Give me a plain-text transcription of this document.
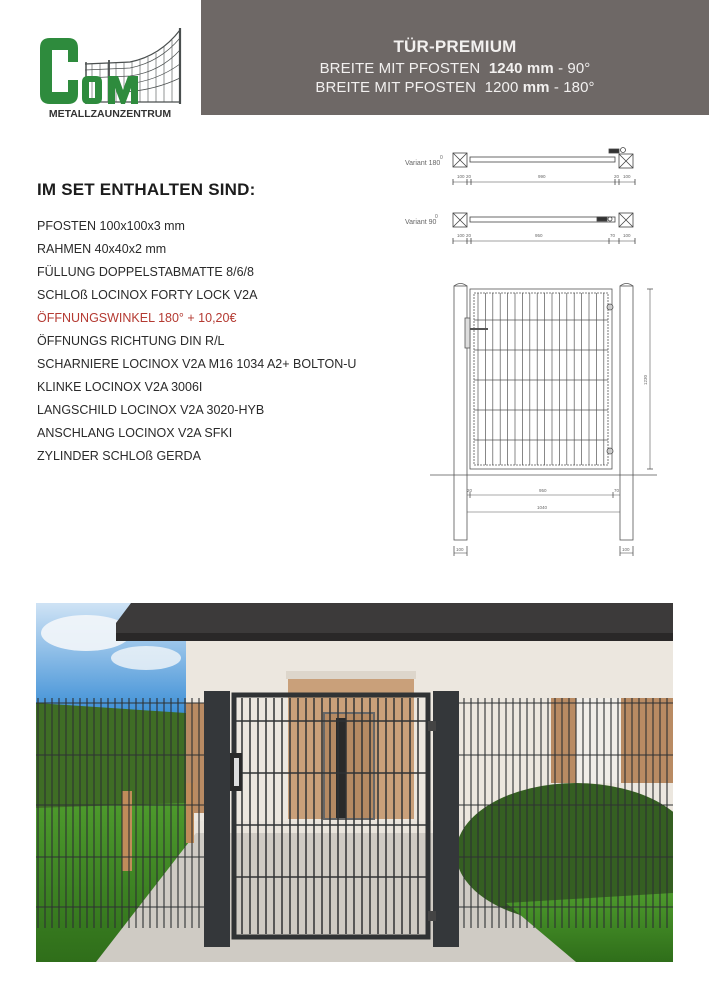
METALLZAUNZENTRUM
TÜR-PREMIUM
BREITE MIT PFOSTEN 1240 mm - 90°
BREITE MIT PFOSTEN 1200 mm - 180°
IM SET ENTHALTEN SIND:
PFOSTEN 100x100x3 mm
RAHMEN 40x40x2 mm
FÜLLUNG DOPPELSTABMATTE 8/6/8
SCHLOß LOCINOX FORTY LOCK V2A
ÖFFNUNGSWINKEL 180° + 10,20€
ÖFFNUNGS RICHTUNG DIN R/L
SCHARNIERE LOCINOX V2A M16 1034 A2+ BOLTON-U
KLINKE LOCINOX V2A 3006I
LANGSCHILD LOCINOX V2A 3020-HYB
ANSCHLANG LOCINOX V2A SFKI
ZYLINDER SCHLOß GERDA
Variant 180
0
100 20	990	20 100
Variant 90
0
100 20	950	70 100
1230
20	950	70
1040
100	100
